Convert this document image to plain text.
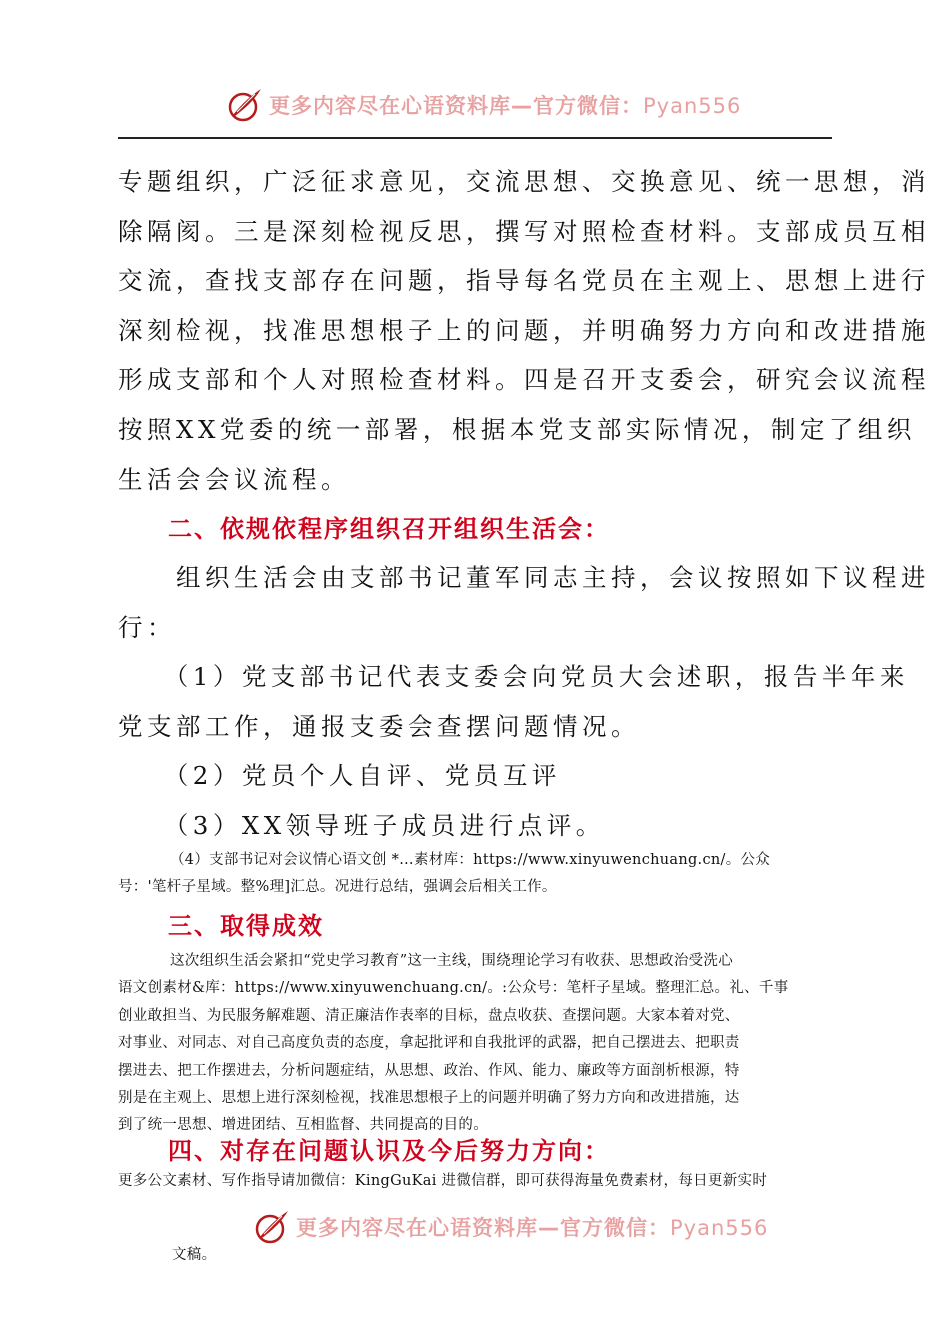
更多内容尽在心语资料库—官方微信：Pyan556
专题组织，广泛征求意见，交流思想、交换意见、统一思想，消
除隔阂。三是深刻检视反思，撰写对照检查材料。支部成员互相
交流，查找支部存在问题，指导每名党员在主观上、思想上进行
深刻检视，找准思想根子上的问题，并明确努力方向和改进措施
形成支部和个人对照检查材料。四是召开支委会，研究会议流程
按照XX党委的统一部署，根据本党支部实际情况，制定了组织
生活会会议流程。
二、依规依程序组织召开组织生活会：
　　组织生活会由支部书记董军同志主持，会议按照如下议程进
行：
　　（1）党支部书记代表支委会向党员大会述职，报告半年来
党支部工作，通报支委会查摆问题情况。
　　（2）党员个人自评、党员互评
　　（3）XX领导班子成员进行点评。
（4）支部书记对会议情心语文创 *…素材库：https://www.xinyuwenchuang.cn/。公众
号：'笔杆子星域。整%理]汇总。况进行总结，强调会后相关工作。
三、取得成效
这次组织生活会紧扣“党史学习教育”这一主线，围绕理论学习有收获、思想政治受洗心
语文创素材&库：https://www.xinyuwenchuang.cn/。:公众号：笔杆子星域。整理汇总。礼、千事
创业敢担当、为民服务解难题、清正廉洁作表率的目标，盘点收获、查摆问题。大家本着对党、
对事业、对同志、对自己高度负责的态度，拿起批评和自我批评的武器，把自己摆进去、把职责
摆进去、把工作摆进去，分析问题症结，从思想、政治、作风、能力、廉政等方面剖析根源，特
别是在主观上、思想上进行深刻检视，找准思想根子上的问题并明确了努力方向和改进措施，达
到了统一思想、增进团结、互相监督、共同提高的目的。
四、对存在问题认识及今后努力方向：
更多公文素材、写作指导请加微信：KingGuKai 进微信群，即可获得海量免费素材，每日更新实时
更多内容尽在心语资料库—官方微信：Pyan556
文稿。
